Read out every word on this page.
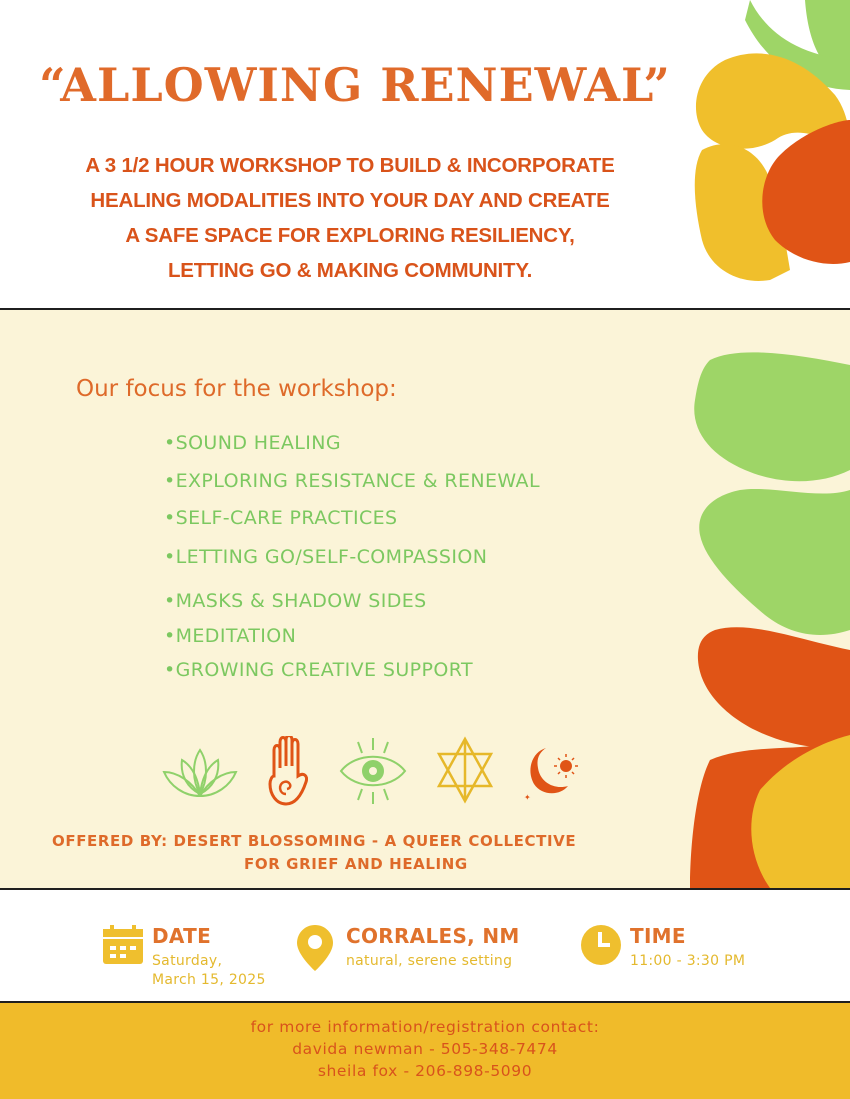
“ALLOWING RENEWAL”
A 3 1/2 HOUR WORKSHOP TO BUILD & INCORPORATE
HEALING MODALITIES INTO YOUR DAY AND CREATE
A SAFE SPACE FOR EXPLORING RESILIENCY,
LETTING GO & MAKING COMMUNITY.
Our focus for the workshop:
•SOUND HEALING
•EXPLORING RESISTANCE & RENEWAL
•SELF-CARE PRACTICES
•LETTING GO/SELF-COMPASSION
•MASKS & SHADOW SIDES
•MEDITATION
•GROWING CREATIVE SUPPORT
✦
OFFERED BY: DESERT BLOSSOMING - A QUEER COLLECTIVE
FOR GRIEF AND HEALING
DATE
Saturday,
March 15, 2025
CORRALES, NM
natural, serene setting
TIME
11:00 - 3:30 PM
for more information/registration contact:
davida newman - 505-348-7474
sheila fox - 206-898-5090
